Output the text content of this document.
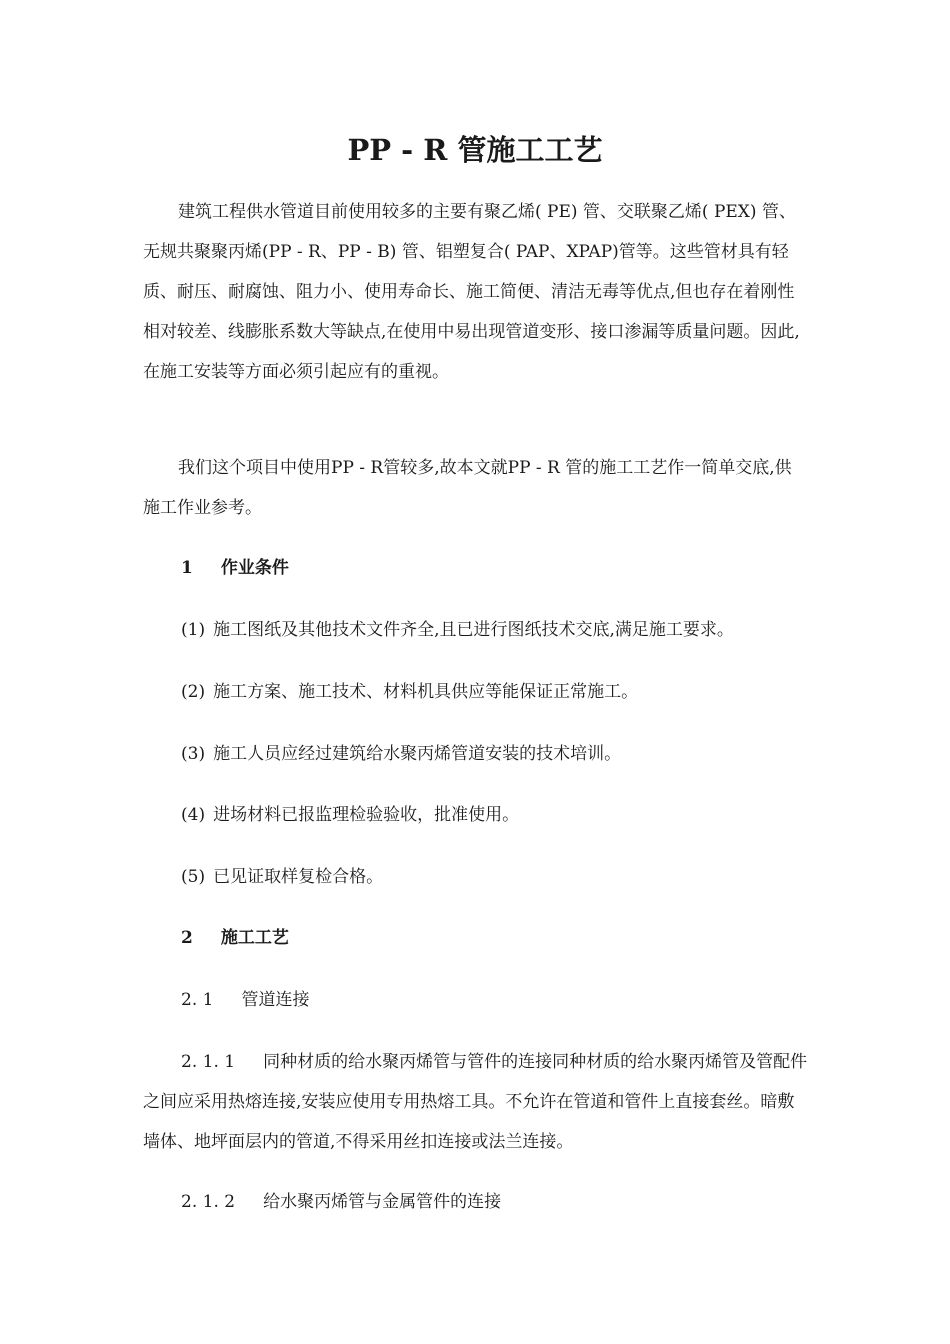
PP - R 管施工工艺

建筑工程供水管道目前使用较多的主要有聚乙烯( PE) 管、交联聚乙烯( PEX) 管、无规共聚聚丙烯(PP - R、PP - B) 管、铝塑复合( PAP、XPAP)管等。这些管材具有轻质、耐压、耐腐蚀、阻力小、使用寿命长、施工简便、清洁无毒等优点,但也存在着刚性相对较差、线膨胀系数大等缺点,在使用中易出现管道变形、接口渗漏等质量问题。因此,在施工安装等方面必须引起应有的重视。

我们这个项目中使用PP - R管较多,故本文就PP - R 管的施工工艺作一简单交底,供施工作业参考。

1 作业条件
(1) 施工图纸及其他技术文件齐全,且已进行图纸技术交底,满足施工要求。
(2) 施工方案、施工技术、材料机具供应等能保证正常施工。
(3) 施工人员应经过建筑给水聚丙烯管道安装的技术培训。
(4) 进场材料已报监理检验验收，批准使用。
(5) 已见证取样复检合格。
2 施工工艺
2. 1 管道连接

2. 1. 1 同种材质的给水聚丙烯管与管件的连接同种材质的给水聚丙烯管及管配件之间应采用热熔连接,安装应使用专用热熔工具。不允许在管道和管件上直接套丝。暗敷墙体、地坪面层内的管道,不得采用丝扣连接或法兰连接。

2. 1. 2 给水聚丙烯管与金属管件的连接
